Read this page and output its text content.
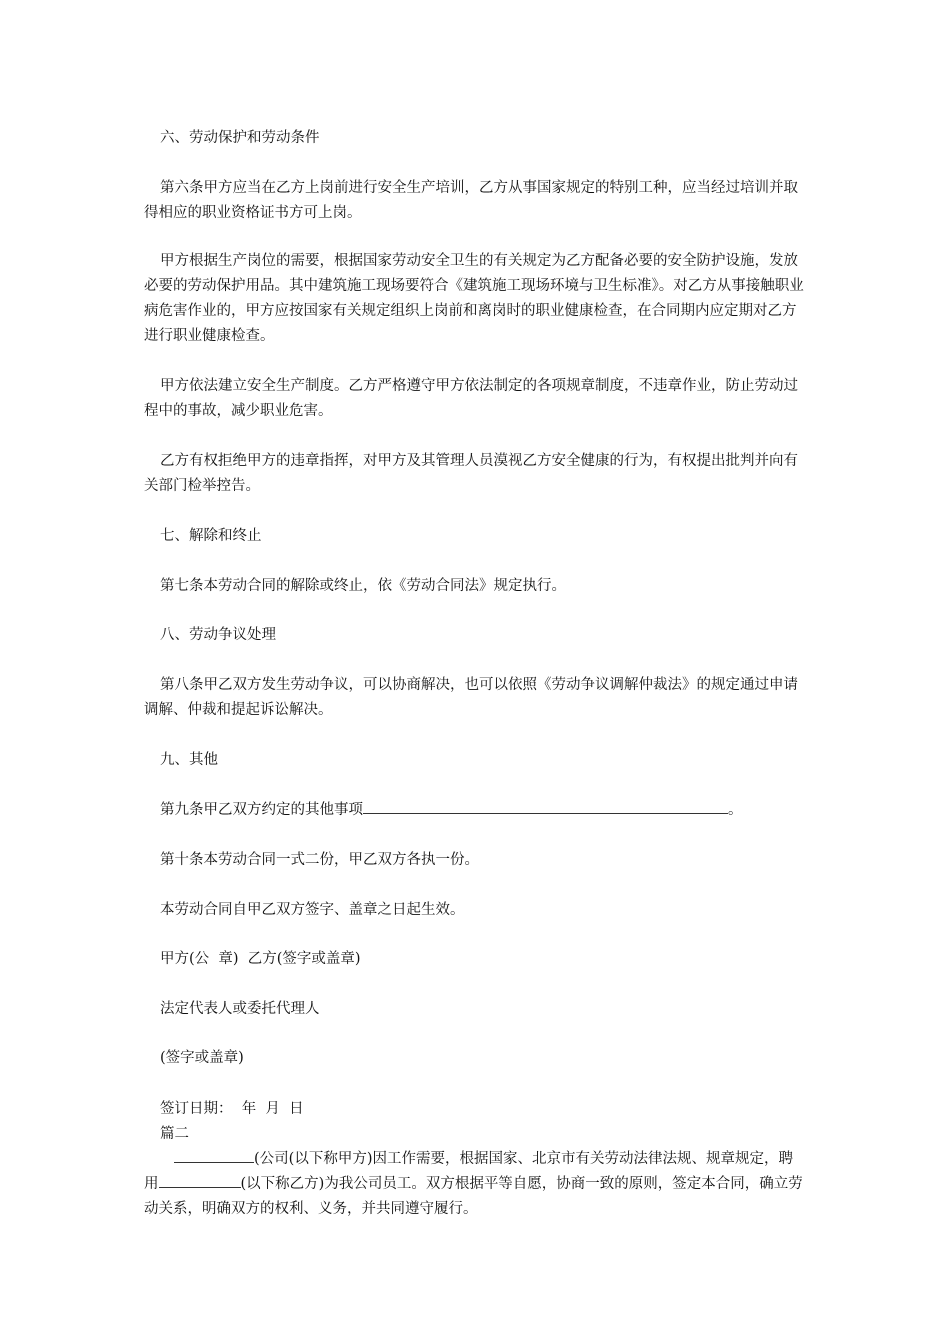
六、劳动保护和劳动条件

第六条甲方应当在乙方上岗前进行安全生产培训，乙方从事国家规定的特别工种，应当经过培训并取得相应的职业资格证书方可上岗。

甲方根据生产岗位的需要，根据国家劳动安全卫生的有关规定为乙方配备必要的安全防护设施，发放必要的劳动保护用品。其中建筑施工现场要符合《建筑施工现场环境与卫生标准》。对乙方从事接触职业病危害作业的，甲方应按国家有关规定组织上岗前和离岗时的职业健康检查，在合同期内应定期对乙方进行职业健康检查。

甲方依法建立安全生产制度。乙方严格遵守甲方依法制定的各项规章制度，不违章作业，防止劳动过程中的事故，减少职业危害。

乙方有权拒绝甲方的违章指挥，对甲方及其管理人员漠视乙方安全健康的行为，有权提出批判并向有关部门检举控告。

七、解除和终止

第七条本劳动合同的解除或终止，依《劳动合同法》规定执行。

八、劳动争议处理

第八条甲乙双方发生劳动争议，可以协商解决，也可以依照《劳动争议调解仲裁法》的规定通过申请调解、仲裁和提起诉讼解决。

九、其他

第九条甲乙双方约定的其他事项	。

第十条本劳动合同一式二份，甲乙双方各执一份。

本劳动合同自甲乙双方签字、盖章之日起生效。

甲方(公  章)  乙方(签字或盖章)

法定代表人或委托代理人

(签字或盖章)

签订日期：  年  月  日

篇二

(公司(以下称甲方)因工作需要，根据国家、北京市有关劳动法律法规、规章规定，聘用	(以下称乙方)为我公司员工。双方根据平等自愿，协商一致的原则，签定本合同，确立劳动关系，明确双方的权利、义务，并共同遵守履行。
